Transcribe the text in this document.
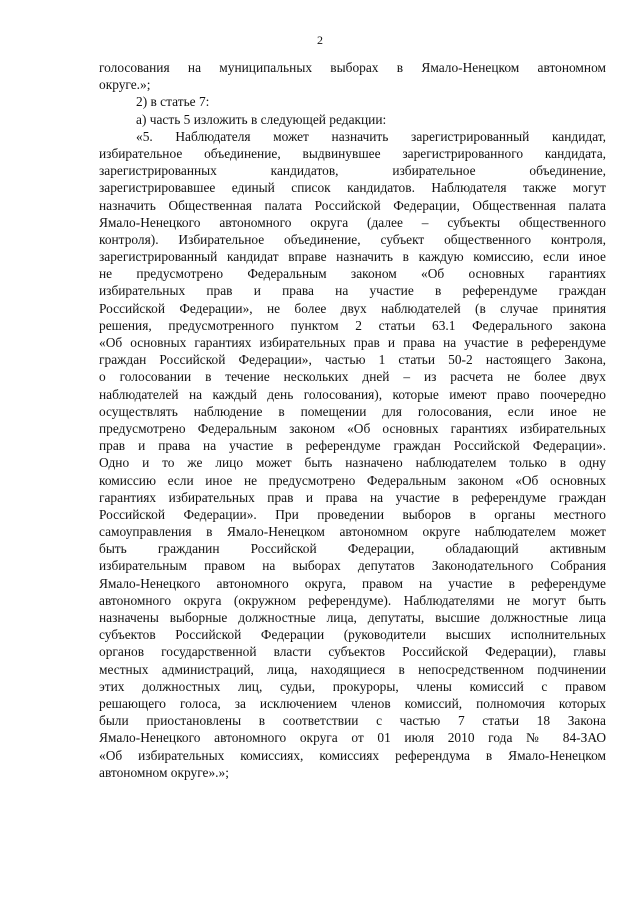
2
голосования на муниципальных выборах в Ямало-Ненецком автономном
округе.»;
2) в статье 7:
а) часть 5 изложить в следующей редакции:
«5. Наблюдателя может назначить зарегистрированный кандидат,
избирательное объединение, выдвинувшее зарегистрированного кандидата,
зарегистрированных кандидатов, избирательное объединение,
зарегистрировавшее единый список кандидатов. Наблюдателя также могут
назначить Общественная палата Российской Федерации, Общественная палата
Ямало-Ненецкого автономного округа (далее – субъекты общественного
контроля). Избирательное объединение, субъект общественного контроля,
зарегистрированный кандидат вправе назначить в каждую комиссию, если иное
не предусмотрено Федеральным законом «Об основных гарантиях
избирательных прав и права на участие в референдуме граждан
Российской Федерации», не более двух наблюдателей (в случае принятия
решения, предусмотренного пунктом 2 статьи 63.1 Федерального закона
«Об основных гарантиях избирательных прав и права на участие в референдуме
граждан Российской Федерации», частью 1 статьи 50-2 настоящего Закона,
о голосовании в течение нескольких дней – из расчета не более двух
наблюдателей на каждый день голосования), которые имеют право поочередно
осуществлять наблюдение в помещении для голосования, если иное не
предусмотрено Федеральным законом «Об основных гарантиях избирательных
прав и права на участие в референдуме граждан Российской Федерации».
Одно и то же лицо может быть назначено наблюдателем только в одну
комиссию если иное не предусмотрено Федеральным законом «Об основных
гарантиях избирательных прав и права на участие в референдуме граждан
Российской Федерации». При проведении выборов в органы местного
самоуправления в Ямало-Ненецком автономном округе наблюдателем может
быть гражданин Российской Федерации, обладающий активным
избирательным правом на выборах депутатов Законодательного Собрания
Ямало-Ненецкого автономного округа, правом на участие в референдуме
автономного округа (окружном референдуме). Наблюдателями не могут быть
назначены выборные должностные лица, депутаты, высшие должностные лица
субъектов Российской Федерации (руководители высших исполнительных
органов государственной власти субъектов Российской Федерации), главы
местных администраций, лица, находящиеся в непосредственном подчинении
этих должностных лиц, судьи, прокуроры, члены комиссий с правом
решающего голоса, за исключением членов комиссий, полномочия которых
были приостановлены в соответствии с частью 7 статьи 18 Закона
Ямало-Ненецкого автономного округа от 01 июля 2010 года № 84-ЗАО
«Об избирательных комиссиях, комиссиях референдума в Ямало-Ненецком
автономном округе».»;
